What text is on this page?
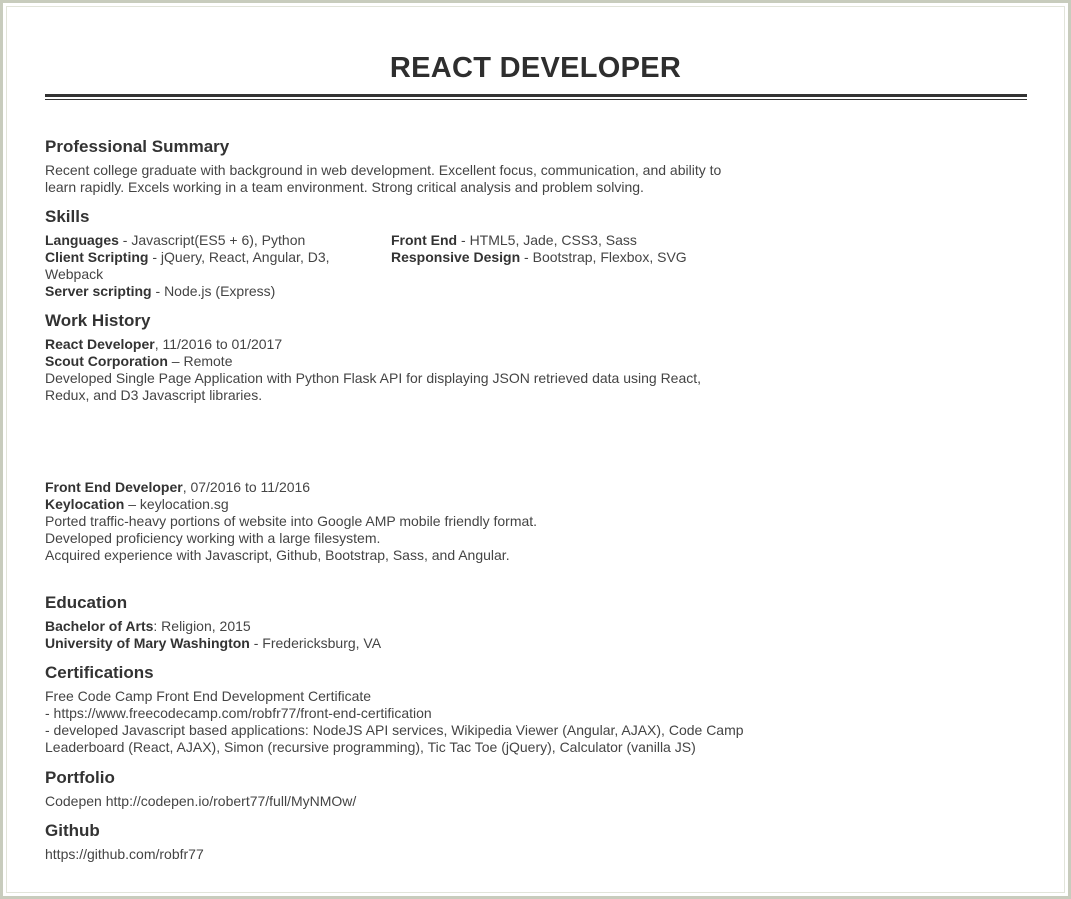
REACT DEVELOPER
Professional Summary

Recent college graduate with background in web development. Excellent focus, communication, and ability to learn rapidly. Excels working in a team environment. Strong critical analysis and problem solving.

Skills

Languages - Javascript(ES5 + 6), Python

Client Scripting - jQuery, React, Angular, D3, Webpack

Server scripting - Node.js (Express)

Front End - HTML5, Jade, CSS3, Sass

Responsive Design - Bootstrap, Flexbox, SVG

Work History

React Developer, 11/2016 to 01/2017

Scout Corporation – Remote

Developed Single Page Application with Python Flask API for displaying JSON retrieved data using React, Redux, and D3 Javascript libraries.

Front End Developer, 07/2016 to 11/2016

Keylocation – keylocation.sg

Ported traffic-heavy portions of website into Google AMP mobile friendly format.

Developed proficiency working with a large filesystem.

Acquired experience with Javascript, Github, Bootstrap, Sass, and Angular.

Education

Bachelor of Arts: Religion, 2015

University of Mary Washington - Fredericksburg, VA

Certifications

Free Code Camp Front End Development Certificate

- https://www.freecodecamp.com/robfr77/front-end-certification

- developed Javascript based applications: NodeJS API services, Wikipedia Viewer (Angular, AJAX), Code Camp Leaderboard (React, AJAX), Simon (recursive programming), Tic Tac Toe (jQuery), Calculator (vanilla JS)

Portfolio

Codepen http://codepen.io/robert77/full/MyNMOw/

Github

https://github.com/robfr77
